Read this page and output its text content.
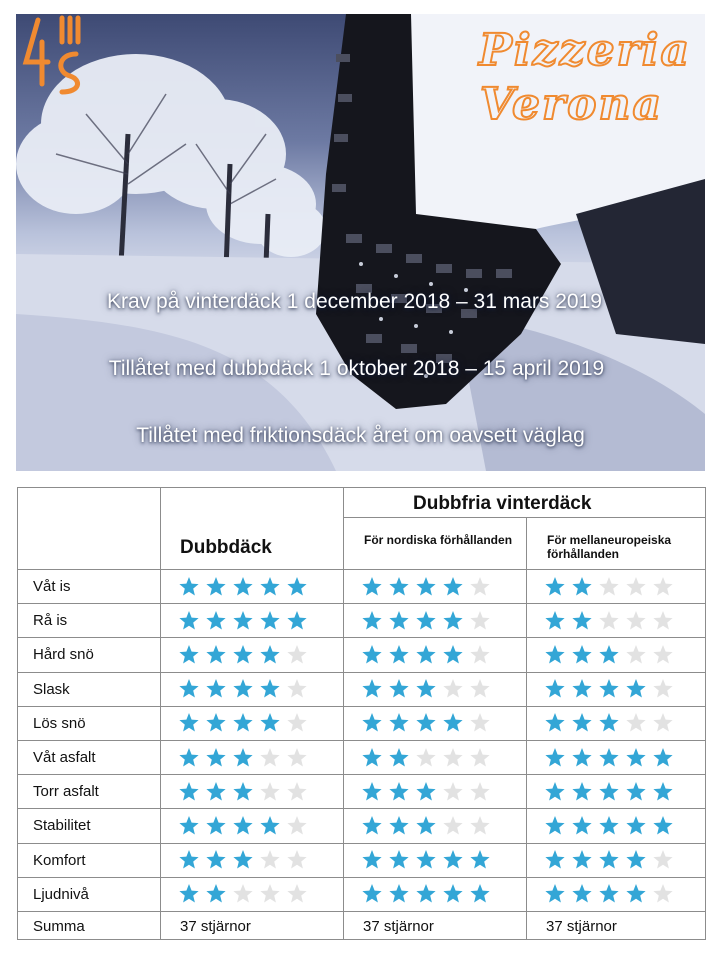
Pizzeria
Verona
Krav på vinterdäck 1 december 2018 – 31 mars 2019
Tillåtet med dubbdäck 1 oktober 2018 – 15 april 2019
Tillåtet med friktionsdäck året om oavsett väglag
Dubbfria vinterdäck
Dubbdäck	För nordiska förhållanden	För mellaneuropeiska förhållanden
Våt is
Rå is
Hård snö
Slask
Lös snö
Våt asfalt
Torr asfalt
Stabilitet
Komfort
Ljudnivå
Summa	37 stjärnor	37 stjärnor	37 stjärnor
